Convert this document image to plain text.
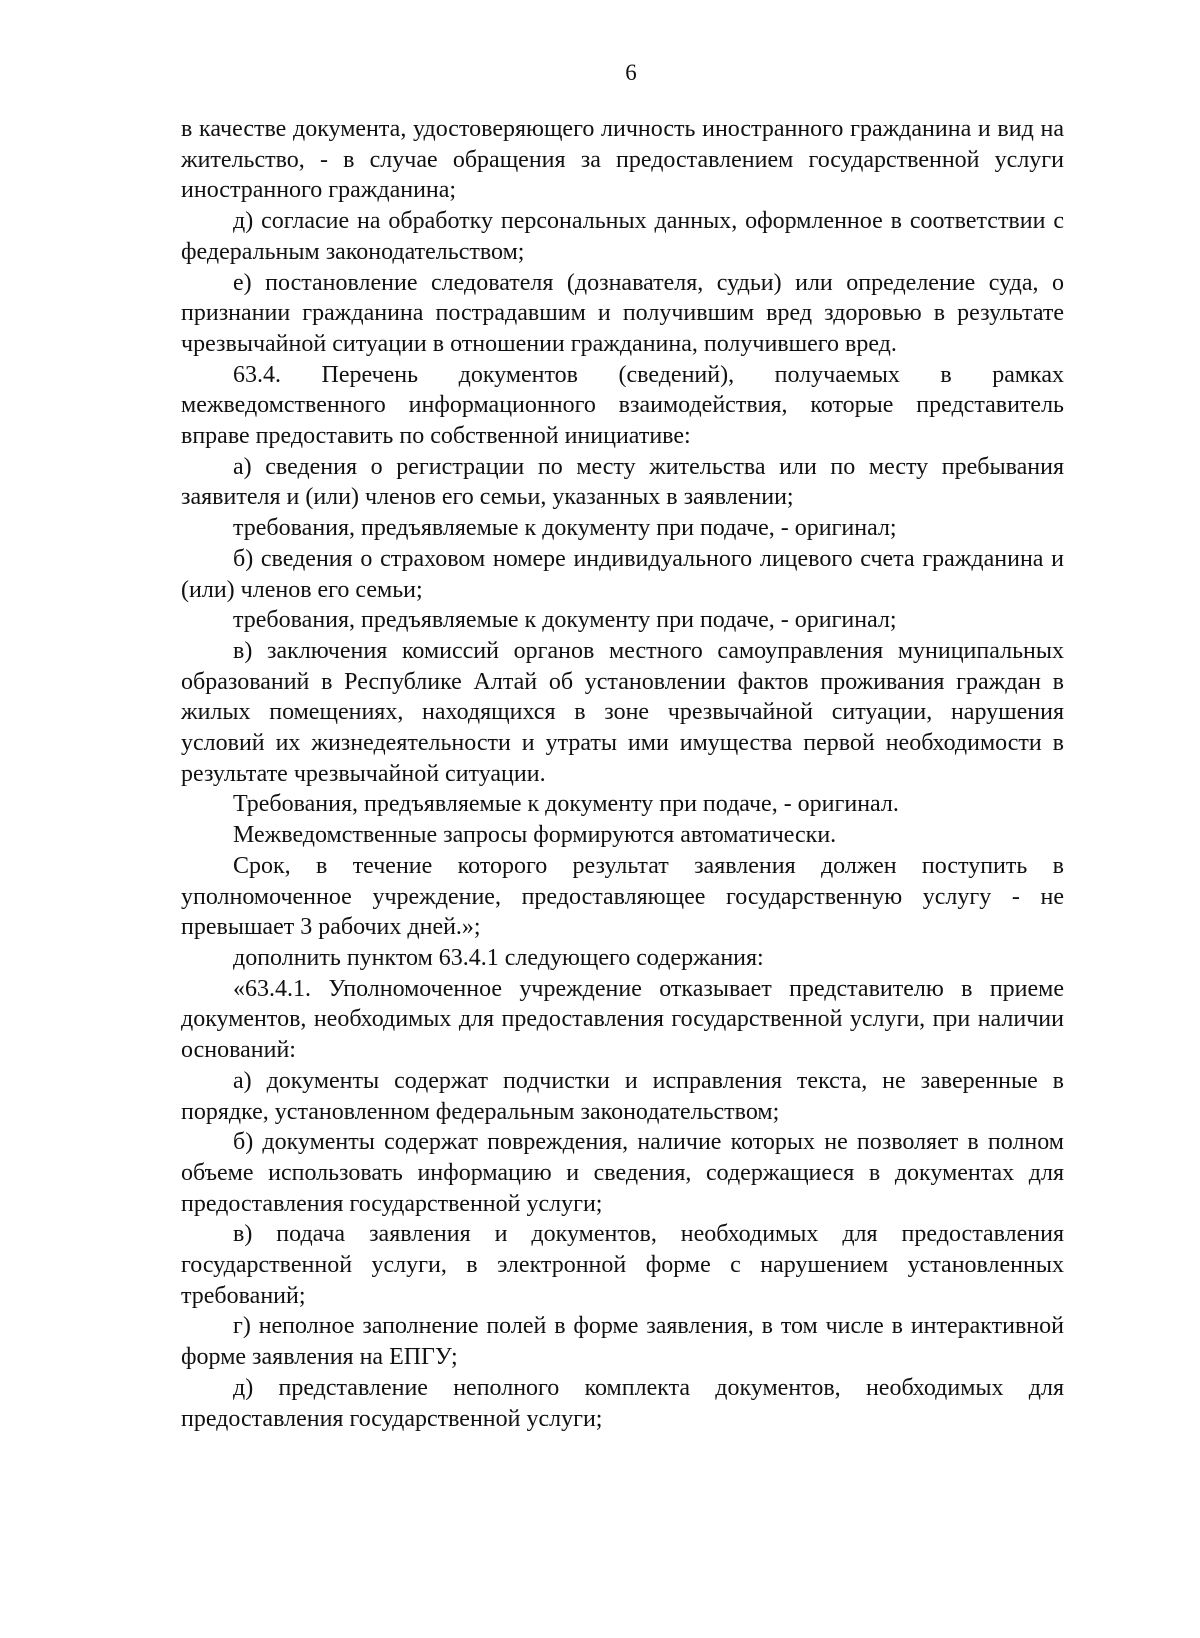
6

в качестве документа, удостоверяющего личность иностранного гражданина и вид на жительство, - в случае обращения за предоставлением государственной услуги иностранного гражданина;

д) согласие на обработку персональных данных, оформленное в соответствии с федеральным законодательством;

е) постановление следователя (дознавателя, судьи) или определение суда, о признании гражданина пострадавшим и получившим вред здоровью в результате чрезвычайной ситуации в отношении гражданина, получившего вред.

63.4. Перечень документов (сведений), получаемых в рамках межведомственного информационного взаимодействия, которые представитель вправе предоставить по собственной инициативе:

а) сведения о регистрации по месту жительства или по месту пребывания заявителя и (или) членов его семьи, указанных в заявлении;

требования, предъявляемые к документу при подаче, - оригинал;

б) сведения о страховом номере индивидуального лицевого счета гражданина и (или) членов его семьи;

требования, предъявляемые к документу при подаче, - оригинал;

в) заключения комиссий органов местного самоуправления муниципальных образований в Республике Алтай об установлении фактов проживания граждан в жилых помещениях, находящихся в зоне чрезвычайной ситуации, нарушения условий их жизнедеятельности и утраты ими имущества первой необходимости в результате чрезвычайной ситуации.

Требования, предъявляемые к документу при подаче, - оригинал.

Межведомственные запросы формируются автоматически.

Срок, в течение которого результат заявления должен поступить в уполномоченное учреждение, предоставляющее государственную услугу - не превышает 3 рабочих дней.»;

дополнить пунктом 63.4.1 следующего содержания:

«63.4.1. Уполномоченное учреждение отказывает представителю в приеме документов, необходимых для предоставления государственной услуги, при наличии оснований:

а) документы содержат подчистки и исправления текста, не заверенные в порядке, установленном федеральным законодательством;

б) документы содержат повреждения, наличие которых не позволяет в полном объеме использовать информацию и сведения, содержащиеся в документах для предоставления государственной услуги;

в) подача заявления и документов, необходимых для предоставления государственной услуги, в электронной форме с нарушением установленных требований;

г) неполное заполнение полей в форме заявления, в том числе в интерактивной форме заявления на ЕПГУ;

д) представление неполного комплекта документов, необходимых для предоставления государственной услуги;
